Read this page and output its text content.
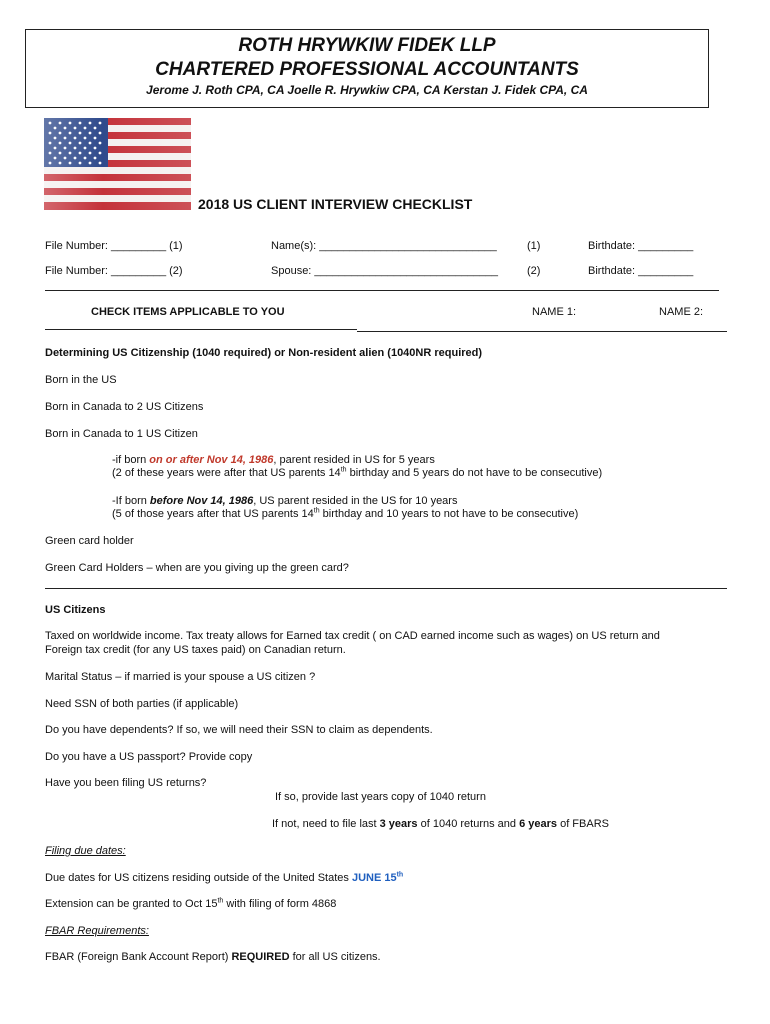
ROTH HRYWKIW FIDEK LLP
CHARTERED PROFESSIONAL ACCOUNTANTS
Jerome J. Roth CPA, CA Joelle R. Hrywkiw CPA, CA Kerstan J. Fidek CPA, CA
2018 US CLIENT INTERVIEW CHECKLIST
File Number: _________ (1)	Name(s): _____________________________	(1)	Birthdate: _________
File Number: _________ (2)	Spouse: ______________________________	(2)	Birthdate: _________
CHECK ITEMS APPLICABLE TO YOU	NAME 1:	NAME 2:
Determining US Citizenship (1040 required) or Non-resident alien (1040NR required)
Born in the US
Born in Canada to 2 US Citizens
Born in Canada to 1 US Citizen
-if born on or after Nov 14, 1986, parent resided in US for 5 years
(2 of these years were after that US parents 14th birthday and 5 years do not have to be consecutive)
-If born before Nov 14, 1986, US parent resided in the US for 10 years
(5 of those years after that US parents 14th birthday and 10 years to not have to be consecutive)
Green card holder
Green Card Holders – when are you giving up the green card?
US Citizens
Taxed on worldwide income. Tax treaty allows for Earned tax credit ( on CAD earned income such as wages) on US return and
Foreign tax credit (for any US taxes paid) on Canadian return.
Marital Status – if married is your spouse a US citizen ?
Need SSN of both parties (if applicable)
Do you have dependents? If so, we will need their SSN to claim as dependents.
Do you have a US passport? Provide copy
Have you been filing US returns?
If so, provide last years copy of 1040 return
If not, need to file last 3 years of 1040 returns and 6 years of FBARS
Filing due dates:
Due dates for US citizens residing outside of the United States JUNE 15th
Extension can be granted to Oct 15th with filing of form 4868
FBAR Requirements:
FBAR (Foreign Bank Account Report) REQUIRED for all US citizens.
